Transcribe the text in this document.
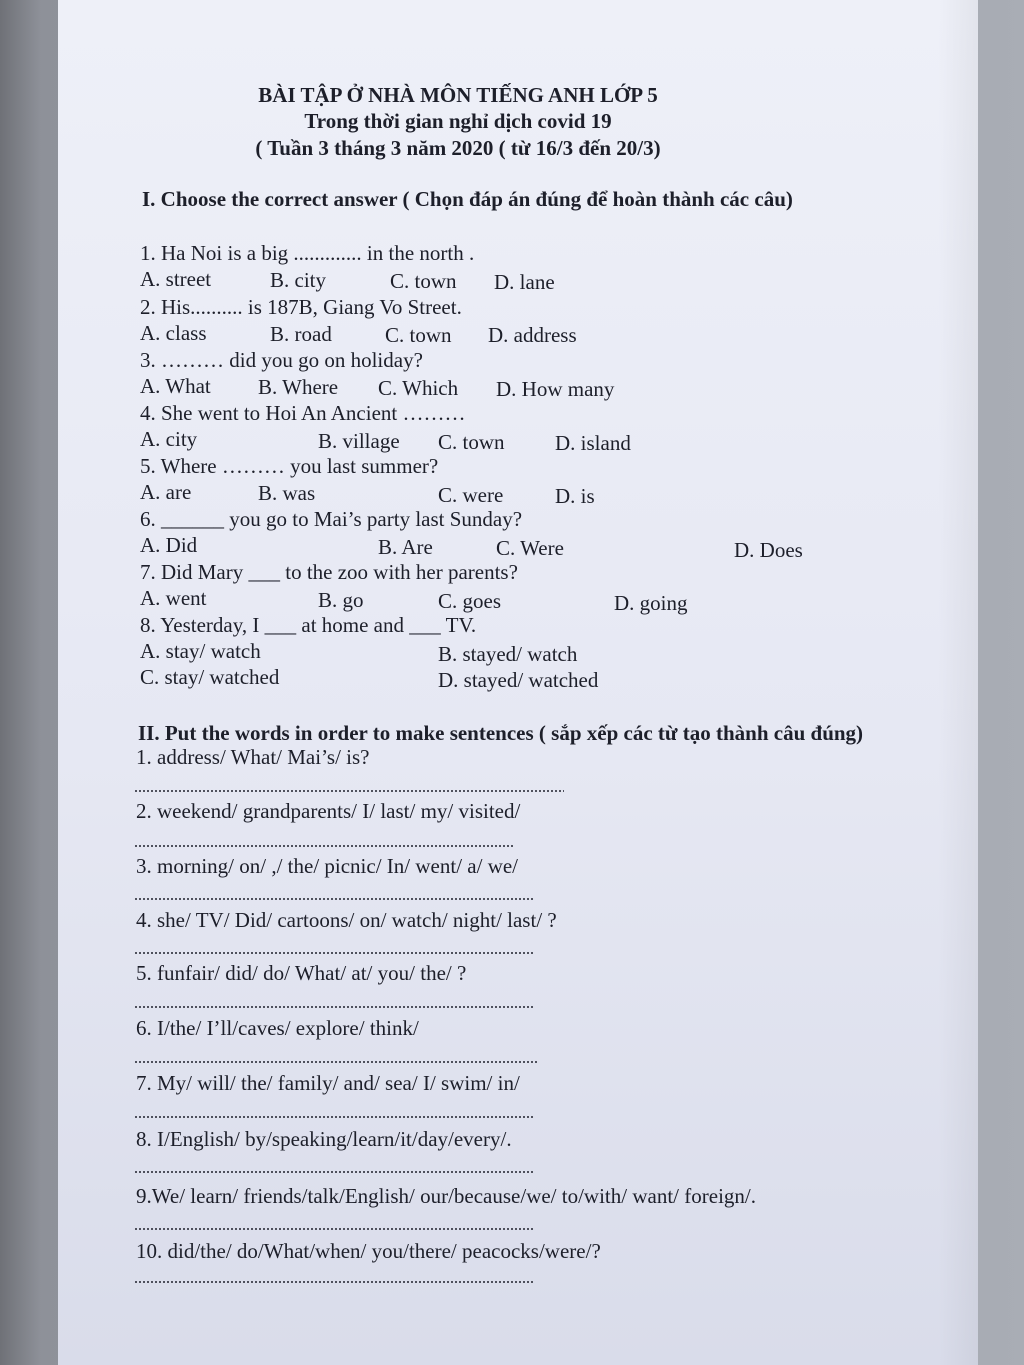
BÀI TẬP Ở NHÀ MÔN TIẾNG ANH LỚP 5
Trong thời gian nghỉ dịch covid 19
( Tuần 3 tháng 3 năm 2020 ( từ 16/3 đến 20/3)
I. Choose the correct answer ( Chọn đáp án đúng để hoàn thành các câu)
1. Ha Noi is a big ............. in the north .
A. street	B. city	C. town D. lane
2. His.......... is 187B, Giang Vo Street.
A. class	B. road	C. town D. address
3. ……… did you go on holiday?
A. What B. Where C. Which D. How many
4. She went to Hoi An Ancient ………
A. city	B. village C. town D. island
5. Where ……… you last summer?
A. are	B. was	C. were D. is
6. ______ you go to Mai’s party last Sunday?
A. Did	B. Are	C. Were	D. Does
7. Did Mary ___ to the zoo with her parents?
A. went	B. go	C. goes	D. going
8. Yesterday, I ___ at home and ___ TV.
A. stay/ watch	B. stayed/ watch
C. stay/ watched	D. stayed/ watched
II. Put the words in order to make sentences ( sắp xếp các từ tạo thành câu đúng)
1. address/ What/ Mai’s/ is?
2. weekend/ grandparents/ I/ last/ my/ visited/
3. morning/ on/ ,/ the/ picnic/ In/ went/ a/ we/
4. she/ TV/ Did/ cartoons/ on/ watch/ night/ last/ ?
5. funfair/ did/ do/ What/ at/ you/ the/ ?
6. I/the/ I’ll/caves/ explore/ think/
7. My/ will/ the/ family/ and/ sea/ I/ swim/ in/
8. I/English/ by/speaking/learn/it/day/every/.
9.We/ learn/ friends/talk/English/ our/because/we/ to/with/ want/ foreign/.
10. did/the/ do/What/when/ you/there/ peacocks/were/?
